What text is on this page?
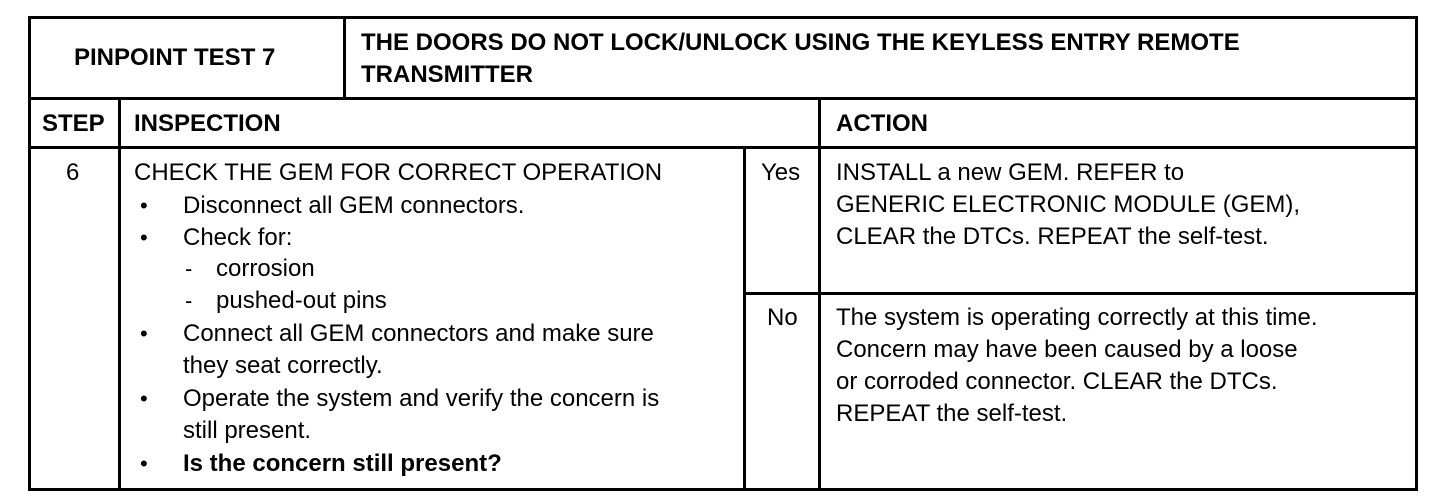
PINPOINT TEST 7
THE DOORS DO NOT LOCK/UNLOCK USING THE KEYLESS ENTRY REMOTE
TRANSMITTER
STEP INSPECTION	ACTION
6 CHECK THE GEM FOR CORRECT OPERATION
• Disconnect all GEM connectors.
• Check for:
- corrosion
- pushed-out pins
• Connect all GEM connectors and make sure
they seat correctly.
• Operate the system and verify the concern is
still present.
• Is the concern still present?
Yes INSTALL a new GEM. REFER to
GENERIC ELECTRONIC MODULE (GEM),
CLEAR the DTCs. REPEAT the self-test.
No The system is operating correctly at this time.
Concern may have been caused by a loose
or corroded connector. CLEAR the DTCs.
REPEAT the self-test.
